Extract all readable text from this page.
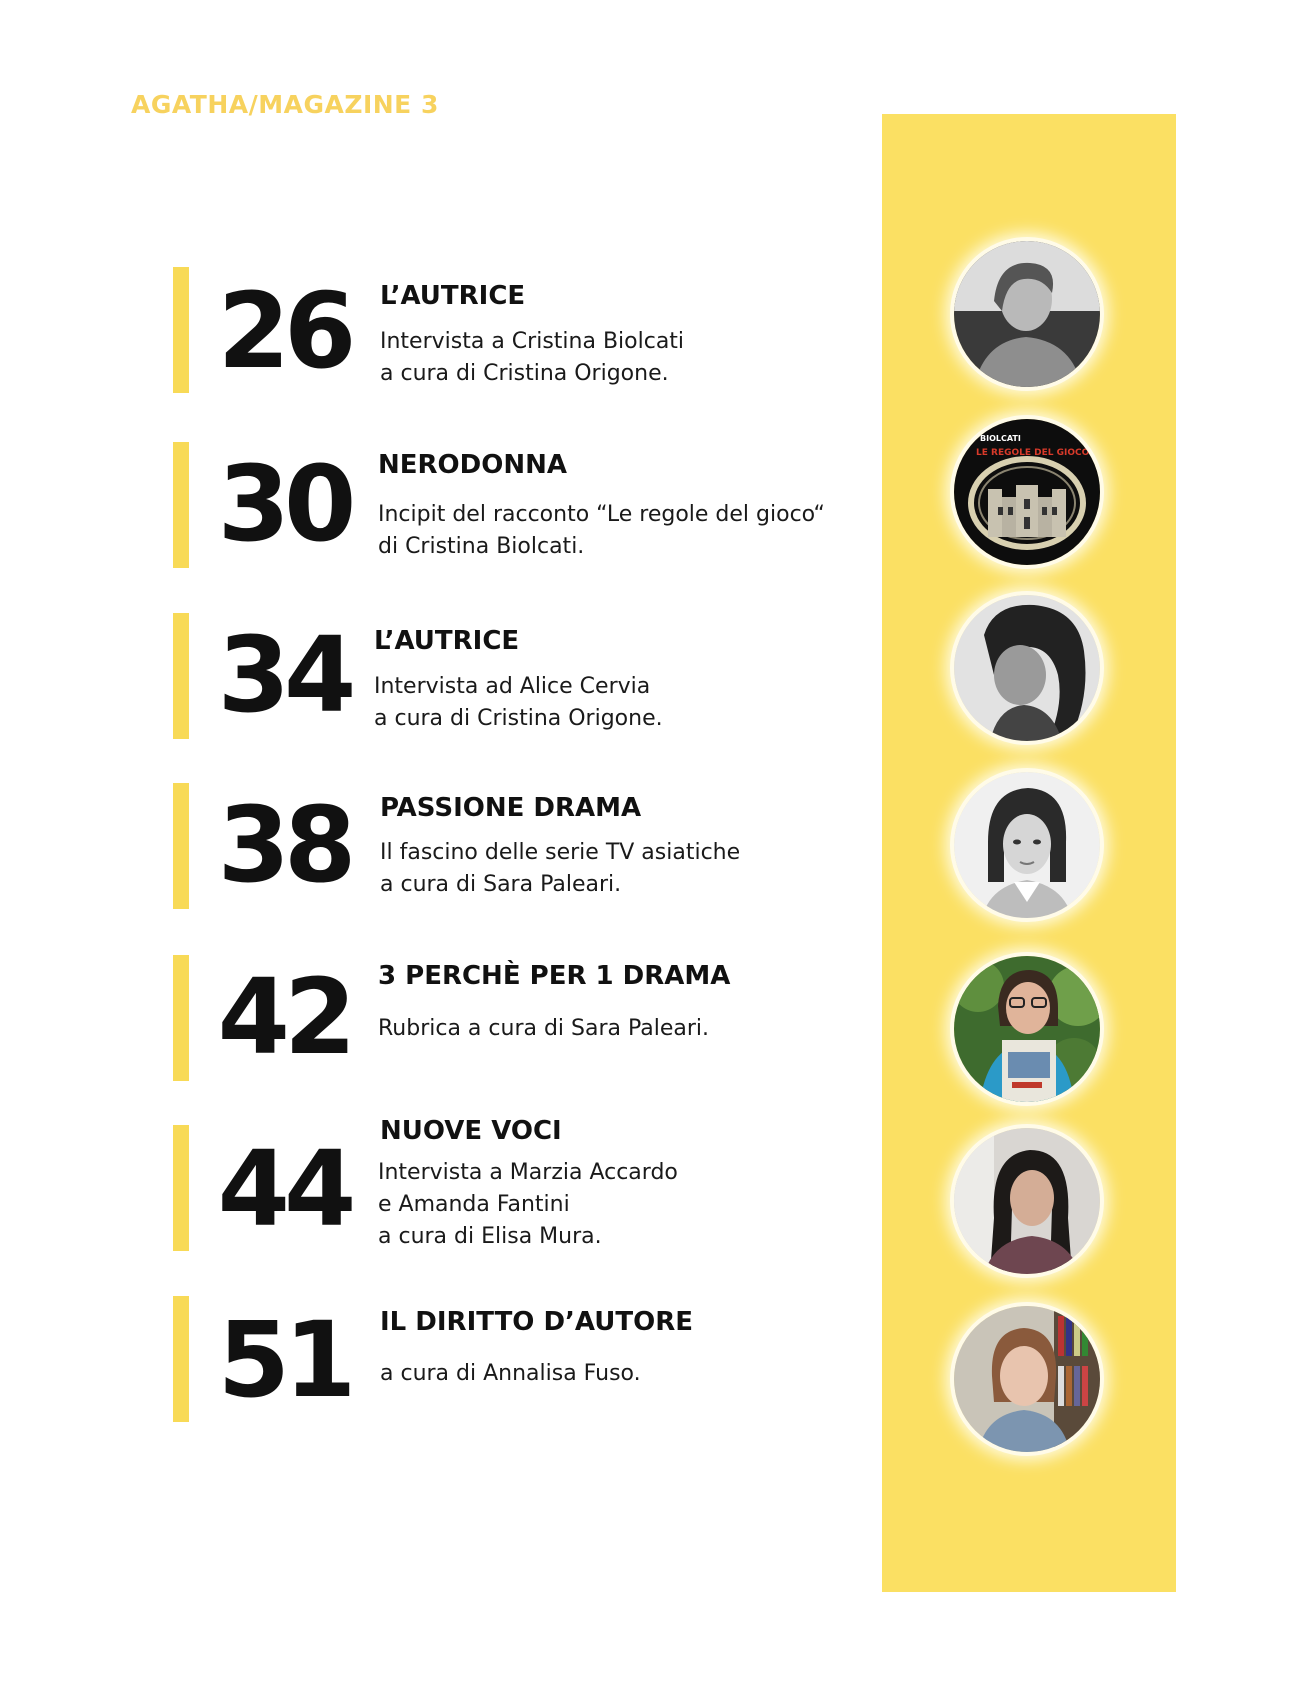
AGATHA/MAGAZINE 3
26	L’AUTRICE
Intervista a Cristina Biolcati
a cura di Cristina Origone.
30	NERODONNA
Incipit del racconto “Le regole del gioco“
di Cristina Biolcati.
BIOLCATI
LE REGOLE DEL GIOCO
34 L’AUTRICE
Intervista ad Alice Cervia
a cura di Cristina Origone.
38	PASSIONE DRAMA
Il fascino delle serie TV asiatiche
a cura di Sara Paleari.
42	3 PERCHÈ PER 1 DRAMA
Rubrica a cura di Sara Paleari.
44	NUOVE VOCI
Intervista a Marzia Accardo
e Amanda Fantini
a cura di Elisa Mura.
51	IL DIRITTO D’AUTORE
a cura di Annalisa Fuso.
